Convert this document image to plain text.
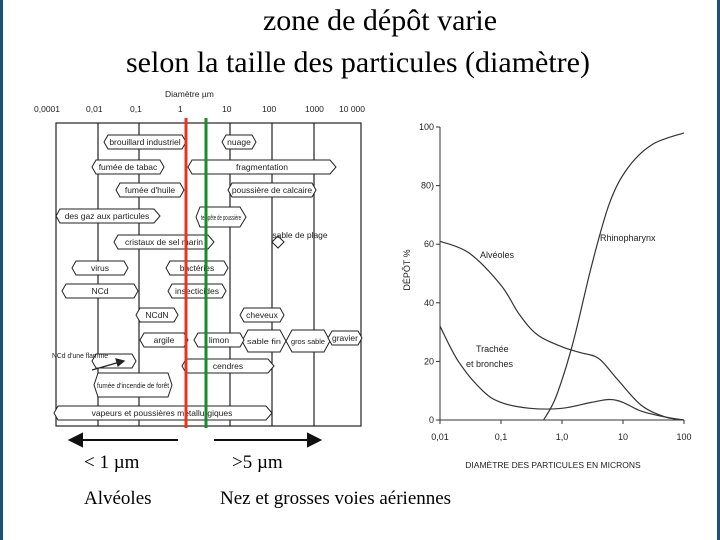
zone de dépôt varie
selon la taille des particules (diamètre)
Diamètre µm
0,0001	0,01	0,1	1	10	100	1000 10 000
brouillard industriel	nuage
fumée de tabac	fragmentation
fumée d'huile	poussière de calcaire
des gaz aux particules
sable de plage
cristaux de sel marin
virus	bactéries
NCd	insecticides
cheveux
NCdN
gravier
argile	limon
cendres
vapeurs et poussières métallurgiques
tempête de poussière
sable fin gros sable
NCd d'une flamme
fumée d'incendie de forêt
< 1 µm	>5 µm
Alvéoles	Nez et grosses voies aériennes
0,01	0,1	1,0	10	100
0
20
40
60
80)
100
DÉPÔT %
DIAMÈTRE DES PARTICULES EN MICRONS
Alvéoles
Trachée
et bronches
Rhinopharynx
